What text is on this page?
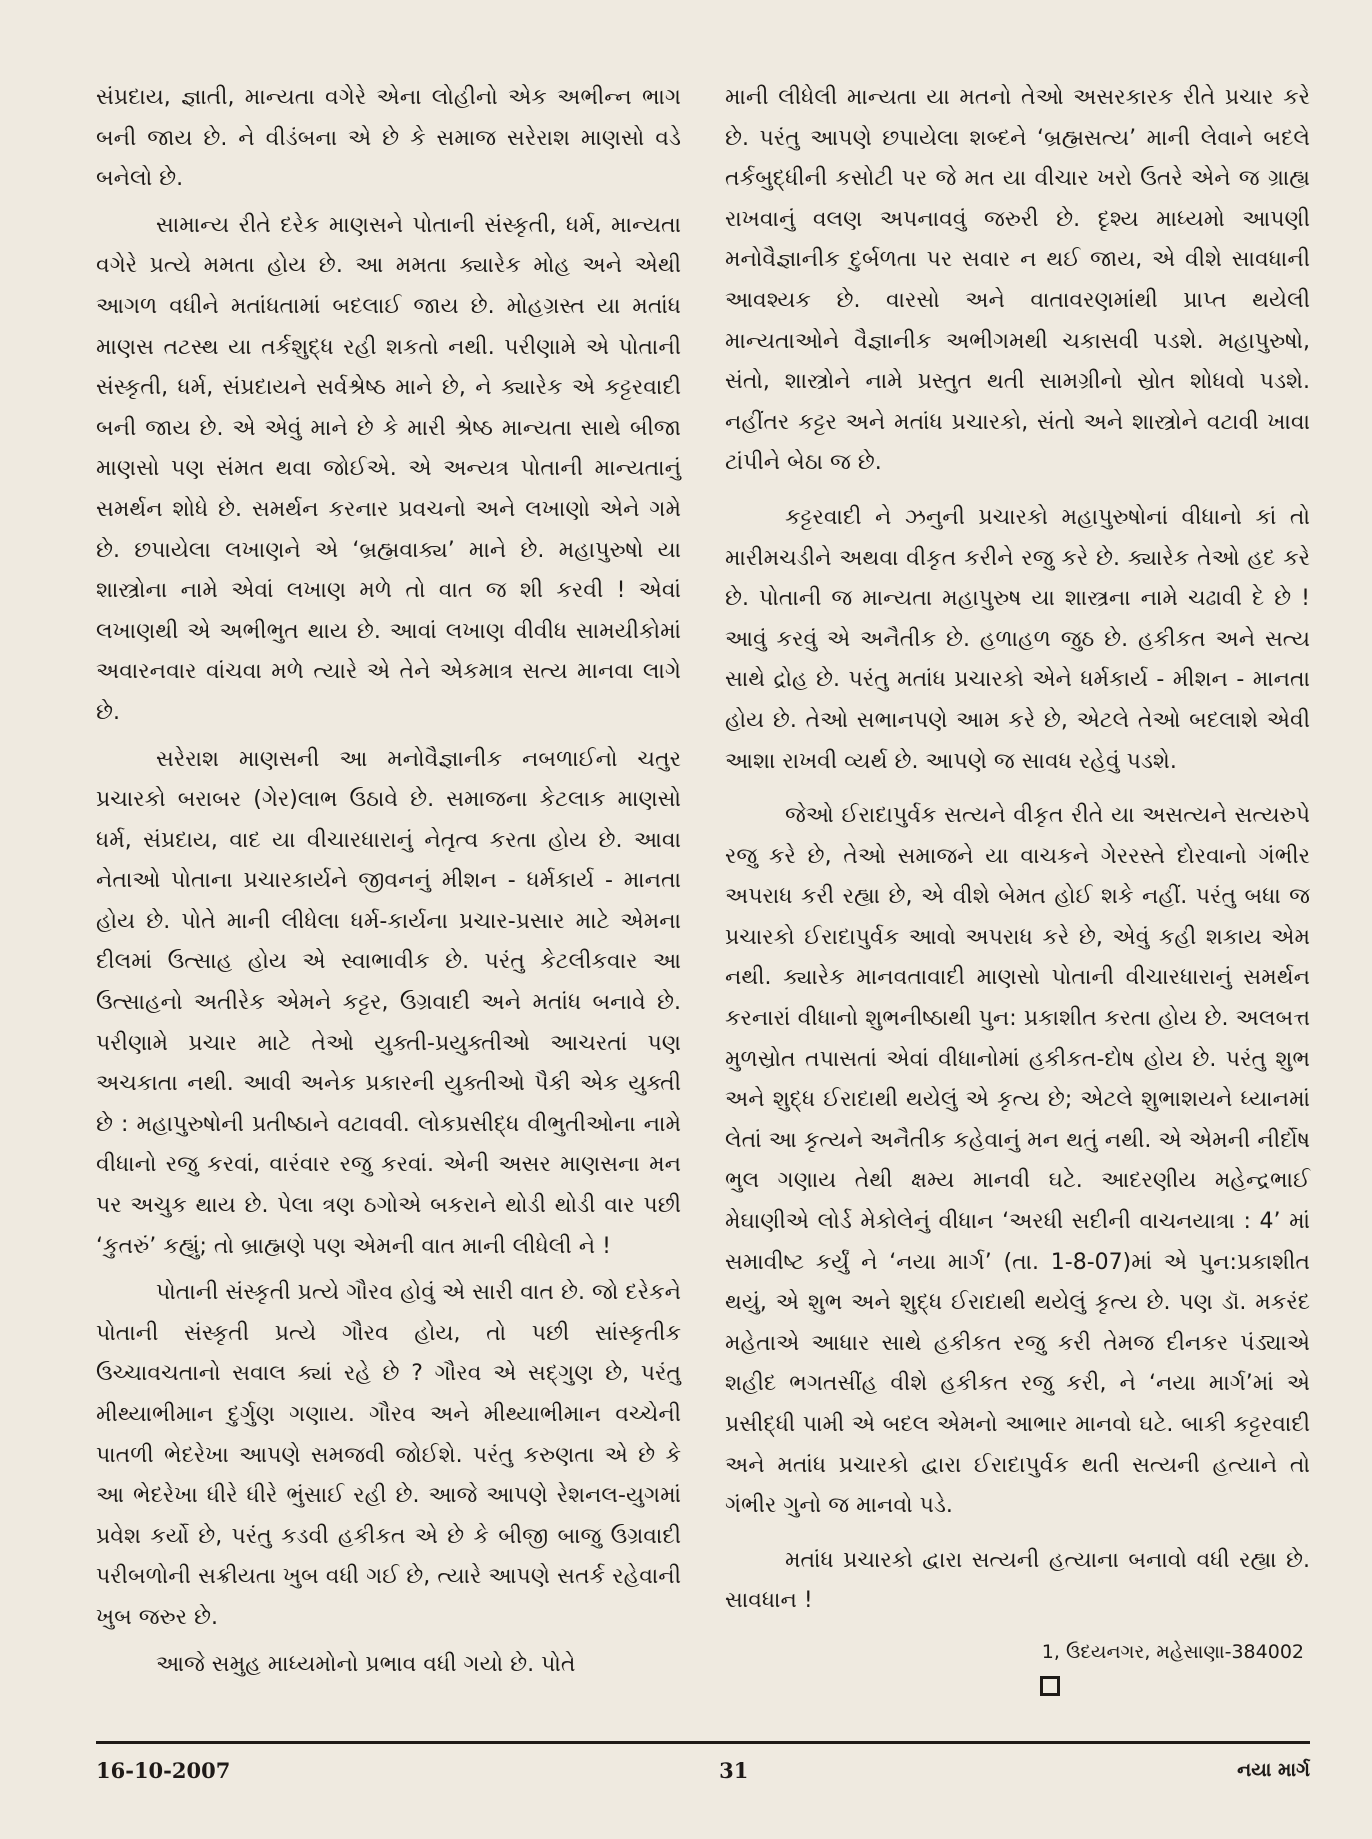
સંપ્રદાય, જ્ઞાતી, માન્યતા વગેરે એના લોહીનો એક અભીન્ન ભાગ બની જાય છે. ને વીડંબના એ છે કે સમાજ સરેરાશ માણસો વડે બનેલો છે.

સામાન્ય રીતે દરેક માણસને પોતાની સંસ્કૃતી, ધર્મ, માન્યતા વગેરે પ્રત્યે મમતા હોય છે. આ મમતા ક્યારેક મોહ અને એથી આગળ વધીને મતાંધતામાં બદલાઈ જાય છે. મોહગ્રસ્ત યા મતાંધ માણસ તટસ્થ યા તર્કશુદ્ધ રહી શકતો નથી. પરીણામે એ પોતાની સંસ્કૃતી, ધર્મ, સંપ્રદાયને સર્વશ્રેષ્ઠ માને છે, ને ક્યારેક એ કટ્ટરવાદી બની જાય છે. એ એવું માને છે કે મારી શ્રેષ્ઠ માન્યતા સાથે બીજા માણસો પણ સંમત થવા જોઈએ. એ અન્યત્ર પોતાની માન્યતાનું સમર્થન શોધે છે. સમર્થન કરનાર પ્રવચનો અને લખાણો એને ગમે છે. છપાયેલા લખાણને એ ‘બ્રહ્મવાક્ય’ માને છે. મહાપુરુષો યા શાસ્ત્રોના નામે એવાં લખાણ મળે તો વાત જ શી કરવી ! એવાં લખાણથી એ અભીભુત થાય છે. આવાં લખાણ વીવીધ સામયીકોમાં અવારનવાર વાંચવા મળે ત્યારે એ તેને એકમાત્ર સત્ય માનવા લાગે છે.

સરેરાશ માણસની આ મનોવૈજ્ઞાનીક નબળાઈનો ચતુર પ્રચારકો બરાબર (ગેર)લાભ ઉઠાવે છે. સમાજના કેટલાક માણસો ધર્મ, સંપ્રદાય, વાદ યા વીચારધારાનું નેતૃત્વ કરતા હોય છે. આવા નેતાઓ પોતાના પ્રચારકાર્યને જીવનનું મીશન - ધર્મકાર્ય - માનતા હોય છે. પોતે માની લીધેલા ધર્મ-કાર્યના પ્રચાર-પ્રસાર માટે એમના દીલમાં ઉત્સાહ હોય એ સ્વાભાવીક છે. પરંતુ કેટલીકવાર આ ઉત્સાહનો અતીરેક એમને કટ્ટર, ઉગ્રવાદી અને મતાંધ બનાવે છે. પરીણામે પ્રચાર માટે તેઓ યુક્તી-પ્રયુક્તીઓ આચરતાં પણ અચકાતા નથી. આવી અનેક પ્રકારની યુક્તીઓ પૈકી એક યુક્તી છે : મહાપુરુષોની પ્રતીષ્ઠાને વટાવવી. લોકપ્રસીદ્ધ વીભુતીઓના નામે વીધાનો રજુ કરવાં, વારંવાર રજુ કરવાં. એની અસર માણસના મન પર અચુક થાય છે. પેલા ત્રણ ઠગોએ બકરાને થોડી થોડી વાર પછી ‘કુતરું’ કહ્યું; તો બ્રાહ્મણે પણ એમની વાત માની લીધેલી ને !

પોતાની સંસ્કૃતી પ્રત્યે ગૌરવ હોવું એ સારી વાત છે. જો દરેકને પોતાની સંસ્કૃતી પ્રત્યે ગૌરવ હોય, તો પછી સાંસ્કૃતીક ઉચ્ચાવચતાનો સવાલ ક્યાં રહે છે ? ગૌરવ એ સદ્‌ગુણ છે, પરંતુ મીથ્યાભીમાન દુર્ગુણ ગણાય. ગૌરવ અને મીથ્યાભીમાન વચ્ચેની પાતળી ભેદરેખા આપણે સમજવી જોઈશે. પરંતુ કરુણતા એ છે કે આ ભેદરેખા ધીરે ધીરે ભુંસાઈ રહી છે. આજે આપણે રેશનલ-યુગમાં પ્રવેશ કર્યો છે, પરંતુ કડવી હકીકત એ છે કે બીજી બાજુ ઉગ્રવાદી પરીબળોની સક્રીયતા ખુબ વધી ગઈ છે, ત્યારે આપણે સતર્ક રહેવાની ખુબ જરુર છે.

આજે સમુહ માધ્યમોનો પ્રભાવ વધી ગયો છે. પોતે

માની લીધેલી માન્યતા યા મતનો તેઓ અસરકારક રીતે પ્રચાર કરે છે. પરંતુ આપણે છપાયેલા શબ્દને ‘બ્રહ્મસત્ય’ માની લેવાને બદલે તર્કબુદ્ધીની કસોટી પર જે મત યા વીચાર ખરો ઉતરે એને જ ગ્રાહ્ય રાખવાનું વલણ અપનાવવું જરુરી છે. દૃશ્ય માધ્યમો આપણી મનોવૈજ્ઞાનીક દુર્બળતા પર સવાર ન થઈ જાય, એ વીશે સાવધાની આવશ્યક છે. વારસો અને વાતાવરણમાંથી પ્રાપ્ત થયેલી માન્યતાઓને વૈજ્ઞાનીક અભીગમથી ચકાસવી પડશે. મહાપુરુષો, સંતો, શાસ્ત્રોને નામે પ્રસ્તુત થતી સામગ્રીનો સ્રોત શોધવો પડશે. નહીંતર કટ્ટર અને મતાંધ પ્રચારકો, સંતો અને શાસ્ત્રોને વટાવી ખાવા ટાંપીને બેઠા જ છે.

કટ્ટરવાદી ને ઝનુની પ્રચારકો મહાપુરુષોનાં વીધાનો કાં તો મારીમચડીને અથવા વીકૃત કરીને રજુ કરે છે. ક્યારેક તેઓ હદ કરે છે. પોતાની જ માન્યતા મહાપુરુષ યા શાસ્ત્રના નામે ચઢાવી દે છે ! આવું કરવું એ અનૈતીક છે. હળાહળ જુઠ છે. હકીકત અને સત્ય સાથે દ્રોહ છે. પરંતુ મતાંધ પ્રચારકો એને ધર્મકાર્ય - મીશન - માનતા હોય છે. તેઓ સભાનપણે આમ કરે છે, એટલે તેઓ બદલાશે એવી આશા રાખવી વ્યર્થ છે. આપણે જ સાવધ રહેવું પડશે.

જેઓ ઈરાદાપુર્વક સત્યને વીકૃત રીતે યા અસત્યને સત્યરુપે રજુ કરે છે, તેઓ સમાજને યા વાચકને ગેરરસ્તે દોરવાનો ગંભીર અપરાધ કરી રહ્યા છે, એ વીશે બેમત હોઈ શકે નહીં. પરંતુ બધા જ પ્રચારકો ઈરાદાપુર્વક આવો અપરાધ કરે છે, એવું કહી શકાય એમ નથી. ક્યારેક માનવતાવાદી માણસો પોતાની વીચારધારાનું સમર્થન કરનારાં વીધાનો શુભનીષ્ઠાથી પુન: પ્રકાશીત કરતા હોય છે. અલબત્ત મુળસ્રોત તપાસતાં એવાં વીધાનોમાં હકીકત-દોષ હોય છે. પરંતુ શુભ અને શુદ્ધ ઈરાદાથી થયેલું એ કૃત્ય છે; એટલે શુભાશયને ધ્યાનમાં લેતાં આ કૃત્યને અનૈતીક કહેવાનું મન થતું નથી. એ એમની નીર્દોષ ભુલ ગણાય તેથી ક્ષમ્ય માનવી ઘટે. આદરણીય મહેન્દ્રભાઈ મેઘાણીએ લોર્ડ મેકોલેનું વીધાન ‘અરધી સદીની વાચનયાત્રા : 4’ માં સમાવીષ્ટ કર્યું ને ‘નયા માર્ગ’ (તા. 1-8-07)માં એ પુન:પ્રકાશીત થયું, એ શુભ અને શુદ્ધ ઈરાદાથી થયેલું કૃત્ય છે. પણ ડૉ. મકરંદ મહેતાએ આધાર સાથે હકીકત રજુ કરી તેમજ દીનકર પંડ્યાએ શહીદ ભગતસીંહ વીશે હકીકત રજુ કરી, ને ‘નયા માર્ગ’માં એ પ્રસીદ્ધી પામી એ બદલ એમનો આભાર માનવો ઘટે. બાકી કટ્ટરવાદી અને મતાંધ પ્રચારકો દ્વારા ઈરાદાપુર્વક થતી સત્યની હત્યાને તો ગંભીર ગુનો જ માનવો પડે.

મતાંધ પ્રચારકો દ્વારા સત્યની હત્યાના બનાવો વધી રહ્યા છે. સાવધાન !

1, ઉદયનગર, મહેસાણા-384002
16-10-2007	31	નયા માર્ગ
